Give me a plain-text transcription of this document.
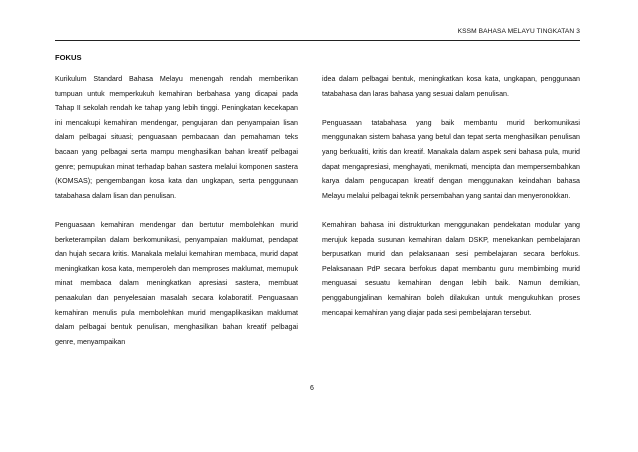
KSSM BAHASA MELAYU TINGKATAN 3
FOKUS

Kurikulum Standard Bahasa Melayu menengah rendah memberikan tumpuan untuk memperkukuh kemahiran berbahasa yang dicapai pada Tahap II sekolah rendah ke tahap yang lebih tinggi. Peningkatan kecekapan ini mencakupi kemahiran mendengar, pengujaran dan penyampaian lisan dalam pelbagai situasi; penguasaan pembacaan dan pemahaman teks bacaan yang pelbagai serta mampu menghasilkan bahan kreatif pelbagai genre; pemupukan minat terhadap bahan sastera melalui komponen sastera (KOMSAS); pengembangan kosa kata dan ungkapan, serta penggunaan tatabahasa dalam lisan dan penulisan.

Penguasaan kemahiran mendengar dan bertutur membolehkan murid berketerampilan dalam berkomunikasi, penyampaian maklumat, pendapat dan hujah secara kritis. Manakala melalui kemahiran membaca, murid dapat meningkatkan kosa kata, memperoleh dan memproses maklumat, memupuk minat membaca dalam meningkatkan apresiasi sastera, membuat penaakulan dan penyelesaian masalah secara kolaboratif. Penguasaan kemahiran menulis pula membolehkan murid mengaplikasikan maklumat dalam pelbagai bentuk penulisan, menghasilkan bahan kreatif pelbagai genre, menyampaikan

idea dalam pelbagai bentuk, meningkatkan kosa kata, ungkapan, penggunaan tatabahasa dan laras bahasa yang sesuai dalam penulisan.

Penguasaan tatabahasa yang baik membantu murid berkomunikasi menggunakan sistem bahasa yang betul dan tepat serta menghasilkan penulisan yang berkualiti, kritis dan kreatif. Manakala dalam aspek seni bahasa pula, murid dapat mengapresiasi, menghayati, menikmati, mencipta dan mempersembahkan karya dalam pengucapan kreatif dengan menggunakan keindahan bahasa Melayu melalui pelbagai teknik persembahan yang santai dan menyeronokkan.

Kemahiran bahasa ini distrukturkan menggunakan pendekatan modular yang merujuk kepada susunan kemahiran dalam DSKP, menekankan pembelajaran berpusatkan murid dan pelaksanaan sesi pembelajaran secara berfokus. Pelaksanaan PdP secara berfokus dapat membantu guru membimbing murid menguasai sesuatu kemahiran dengan lebih baik. Namun demikian, penggabungjalinan kemahiran boleh dilakukan untuk mengukuhkan proses mencapai kemahiran yang diajar pada sesi pembelajaran tersebut.

6
